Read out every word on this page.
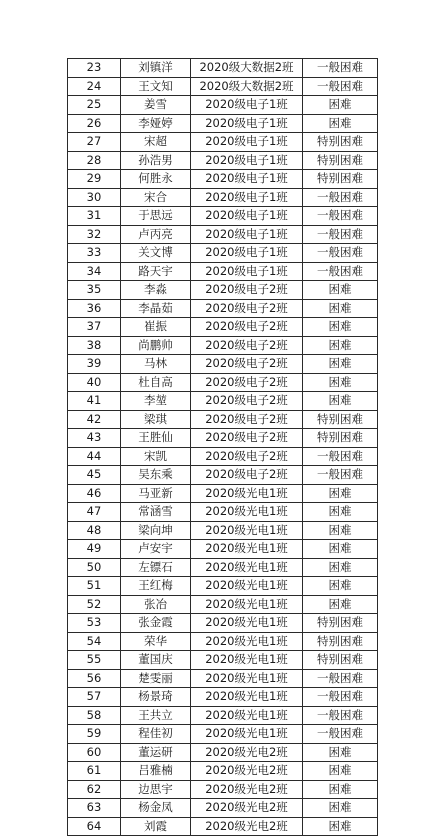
23	刘镇洋	2020级大数据2班	一般困难
24	王文知	2020级大数据2班	一般困难
25	姜雪	2020级电子1班	困难
26	李娅婷	2020级电子1班	困难
27	宋超	2020级电子1班	特别困难
28	孙浩男	2020级电子1班	特别困难
29	何胜永	2020级电子1班	特别困难
30	宋合	2020级电子1班	一般困难
31	于思远	2020级电子1班	一般困难
32	卢丙亮	2020级电子1班	一般困难
33	关文博	2020级电子1班	一般困难
34	路天宇	2020级电子1班	一般困难
35	李淼	2020级电子2班	困难
36	李晶茹	2020级电子2班	困难
37	崔振	2020级电子2班	困难
38	尚鹏帅	2020级电子2班	困难
39	马林	2020级电子2班	困难
40	杜自高	2020级电子2班	困难
41	李堃	2020级电子2班	困难
42	梁琪	2020级电子2班	特别困难
43	王胜仙	2020级电子2班	特别困难
44	宋凯	2020级电子2班	一般困难
45	吴东乘	2020级电子2班	一般困难
46	马亚新	2020级光电1班	困难
47	常涵雪	2020级光电1班	困难
48	梁向坤	2020级光电1班	困难
49	卢安宇	2020级光电1班	困难
50	左镖石	2020级光电1班	困难
51	王红梅	2020级光电1班	困难
52	张冶	2020级光电1班	困难
53	张金霞	2020级光电1班	特别困难
54	荣华	2020级光电1班	特别困难
55	董国庆	2020级光电1班	特别困难
56	楚雯丽	2020级光电1班	一般困难
57	杨景琦	2020级光电1班	一般困难
58	王共立	2020级光电1班	一般困难
59	程佳初	2020级光电1班	一般困难
60	董运研	2020级光电2班	困难
61	吕雅楠	2020级光电2班	困难
62	边思宇	2020级光电2班	困难
63	杨金凤	2020级光电2班	困难
64	刘霞	2020级光电2班	困难
